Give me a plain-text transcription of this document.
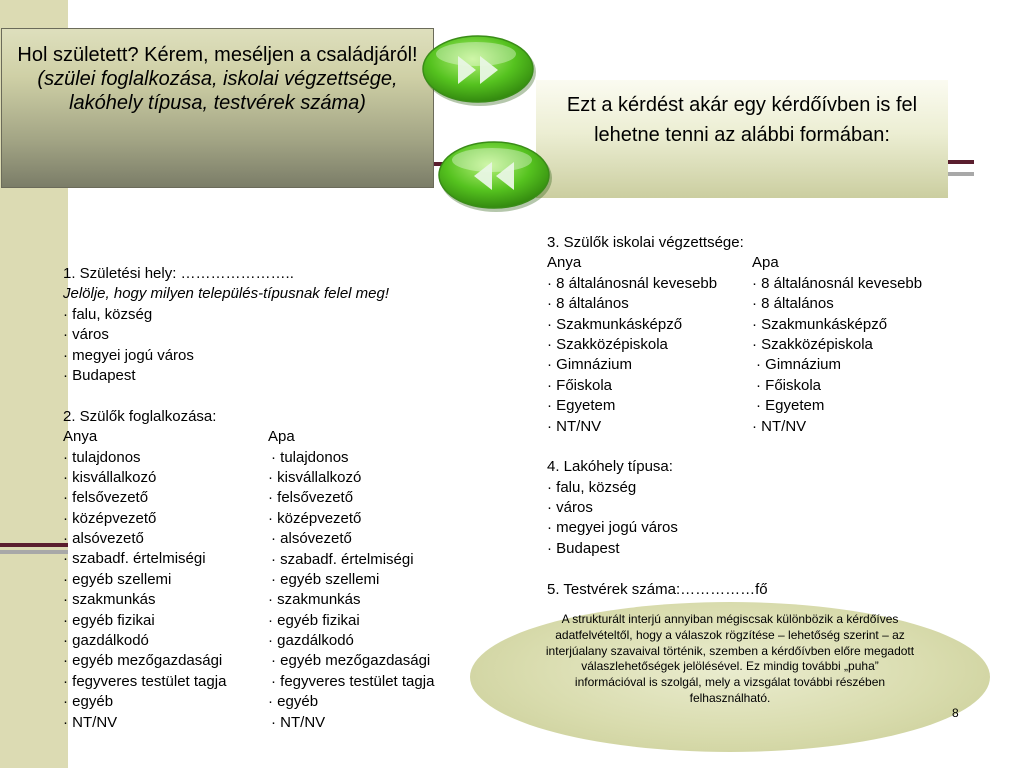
Hol született? Kérem, meséljen a családjáról! (szülei foglalkozása, iskolai végzettsége, lakóhely típusa, testvérek száma)	Ezt a kérdést akár egy kérdőívben is fel lehetne tenni az alábbi formában:
1. Születési hely: …………………..
Jelölje, hogy milyen település-típusnak felel meg!
· falu, község
· város
· megyei jogú város
· Budapest
2. Szülők foglalkozása:
Anya
· tulajdonos
· kisvállalkozó
· felsővezető
· középvezető
· alsóvezető
· szabadf. értelmiségi
· egyéb szellemi
· szakmunkás
· egyéb fizikai
· gazdálkodó
· egyéb mezőgazdasági
· fegyveres testület tagja
· egyéb
· NT/NV
Apa
· tulajdonos
· kisvállalkozó
· felsővezető
· középvezető
· alsóvezető
· szabadf. értelmiségi
· egyéb szellemi
· szakmunkás
· egyéb fizikai
· gazdálkodó
· egyéb mezőgazdasági
· fegyveres testület tagja
· egyéb
· NT/NV
3. Szülők iskolai végzettsége:
Anya
· 8 általánosnál kevesebb
· 8 általános
· Szakmunkásképző
· Szakközépiskola
· Gimnázium
· Főiskola
· Egyetem
· NT/NV
4. Lakóhely típusa:
· falu, község
· város
· megyei jogú város
· Budapest
5. Testvérek száma:……………fő
Apa
· 8 általánosnál kevesebb
· 8 általános
· Szakmunkásképző
· Szakközépiskola
· Gimnázium
· Főiskola
· Egyetem
· NT/NV
A strukturált interjú annyiban mégiscsak különbözik a kérdőíves adatfelvételtől, hogy a válaszok rögzítése – lehetőség szerint – az interjúalany szavaival történik, szemben a kérdőívben előre megadott válaszlehetőségek jelölésével. Ez mindig további „puha” információval is szolgál, mely a vizsgálat további részében felhasználható.
8
